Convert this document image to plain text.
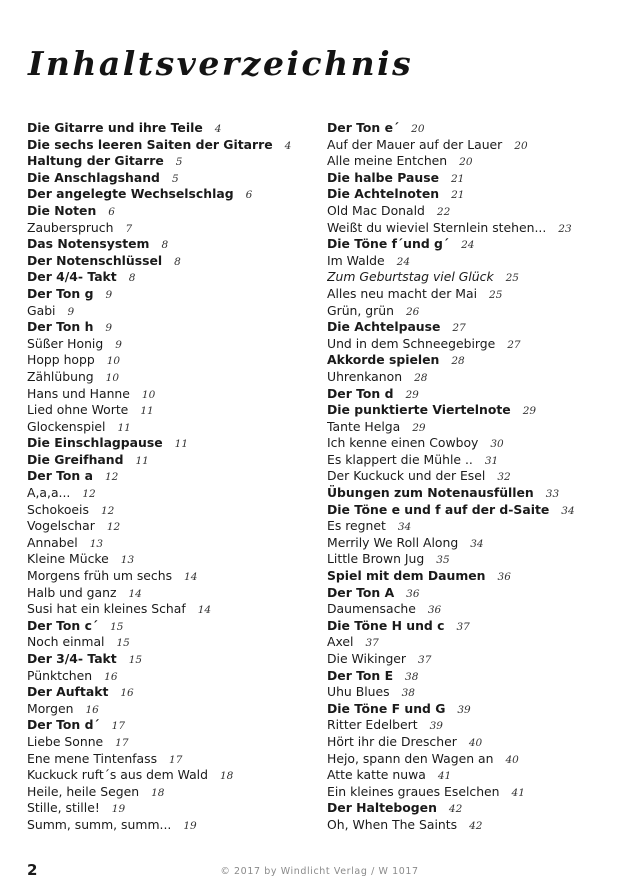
Inhaltsverzeichnis
Die Gitarre und ihre Teile 4
Die sechs leeren Saiten der Gitarre 4
Haltung der Gitarre 5
Die Anschlagshand 5
Der angelegte Wechselschlag 6
Die Noten 6
Zauberspruch 7
Das Notensystem 8
Der Notenschlüssel 8
Der 4/4- Takt 8
Der Ton g 9
Gabi 9
Der Ton h 9
Süßer Honig 9
Hopp hopp 10
Zählübung 10
Hans und Hanne 10
Lied ohne Worte 11
Glockenspiel 11
Die Einschlagpause 11
Die Greifhand 11
Der Ton a 12
A,a,a... 12
Schokoeis 12
Vogelschar 12
Annabel 13
Kleine Mücke 13
Morgens früh um sechs 14
Halb und ganz 14
Susi hat ein kleines Schaf 14
Der Ton c´ 15
Noch einmal 15
Der 3/4- Takt 15
Pünktchen 16
Der Auftakt 16
Morgen 16
Der Ton d´ 17
Liebe Sonne 17
Ene mene Tintenfass 17
Kuckuck ruft´s aus dem Wald 18
Heile, heile Segen 18
Stille, stille! 19
Summ, summ, summ... 19
Der Ton e´ 20
Auf der Mauer auf der Lauer 20
Alle meine Entchen 20
Die halbe Pause 21
Die Achtelnoten 21
Old Mac Donald 22
Weißt du wieviel Sternlein stehen... 23
Die Töne f´und g´ 24
Im Walde 24
Zum Geburtstag viel Glück 25
Alles neu macht der Mai 25
Grün, grün 26
Die Achtelpause 27
Und in dem Schneegebirge 27
Akkorde spielen 28
Uhrenkanon 28
Der Ton d 29
Die punktierte Viertelnote 29
Tante Helga 29
Ich kenne einen Cowboy 30
Es klappert die Mühle .. 31
Der Kuckuck und der Esel 32
Übungen zum Notenausfüllen 33
Die Töne e und f auf der d-Saite 34
Es regnet 34
Merrily We Roll Along 34
Little Brown Jug 35
Spiel mit dem Daumen 36
Der Ton A 36
Daumensache 36
Die Töne H und c 37
Axel 37
Die Wikinger 37
Der Ton E 38
Uhu Blues 38
Die Töne F und G 39
Ritter Edelbert 39
Hört ihr die Drescher 40
Hejo, spann den Wagen an 40
Atte katte nuwa 41
Ein kleines graues Eselchen 41
Der Haltebogen 42
Oh, When The Saints 42
2	© 2017 by Windlicht Verlag / W 1017
